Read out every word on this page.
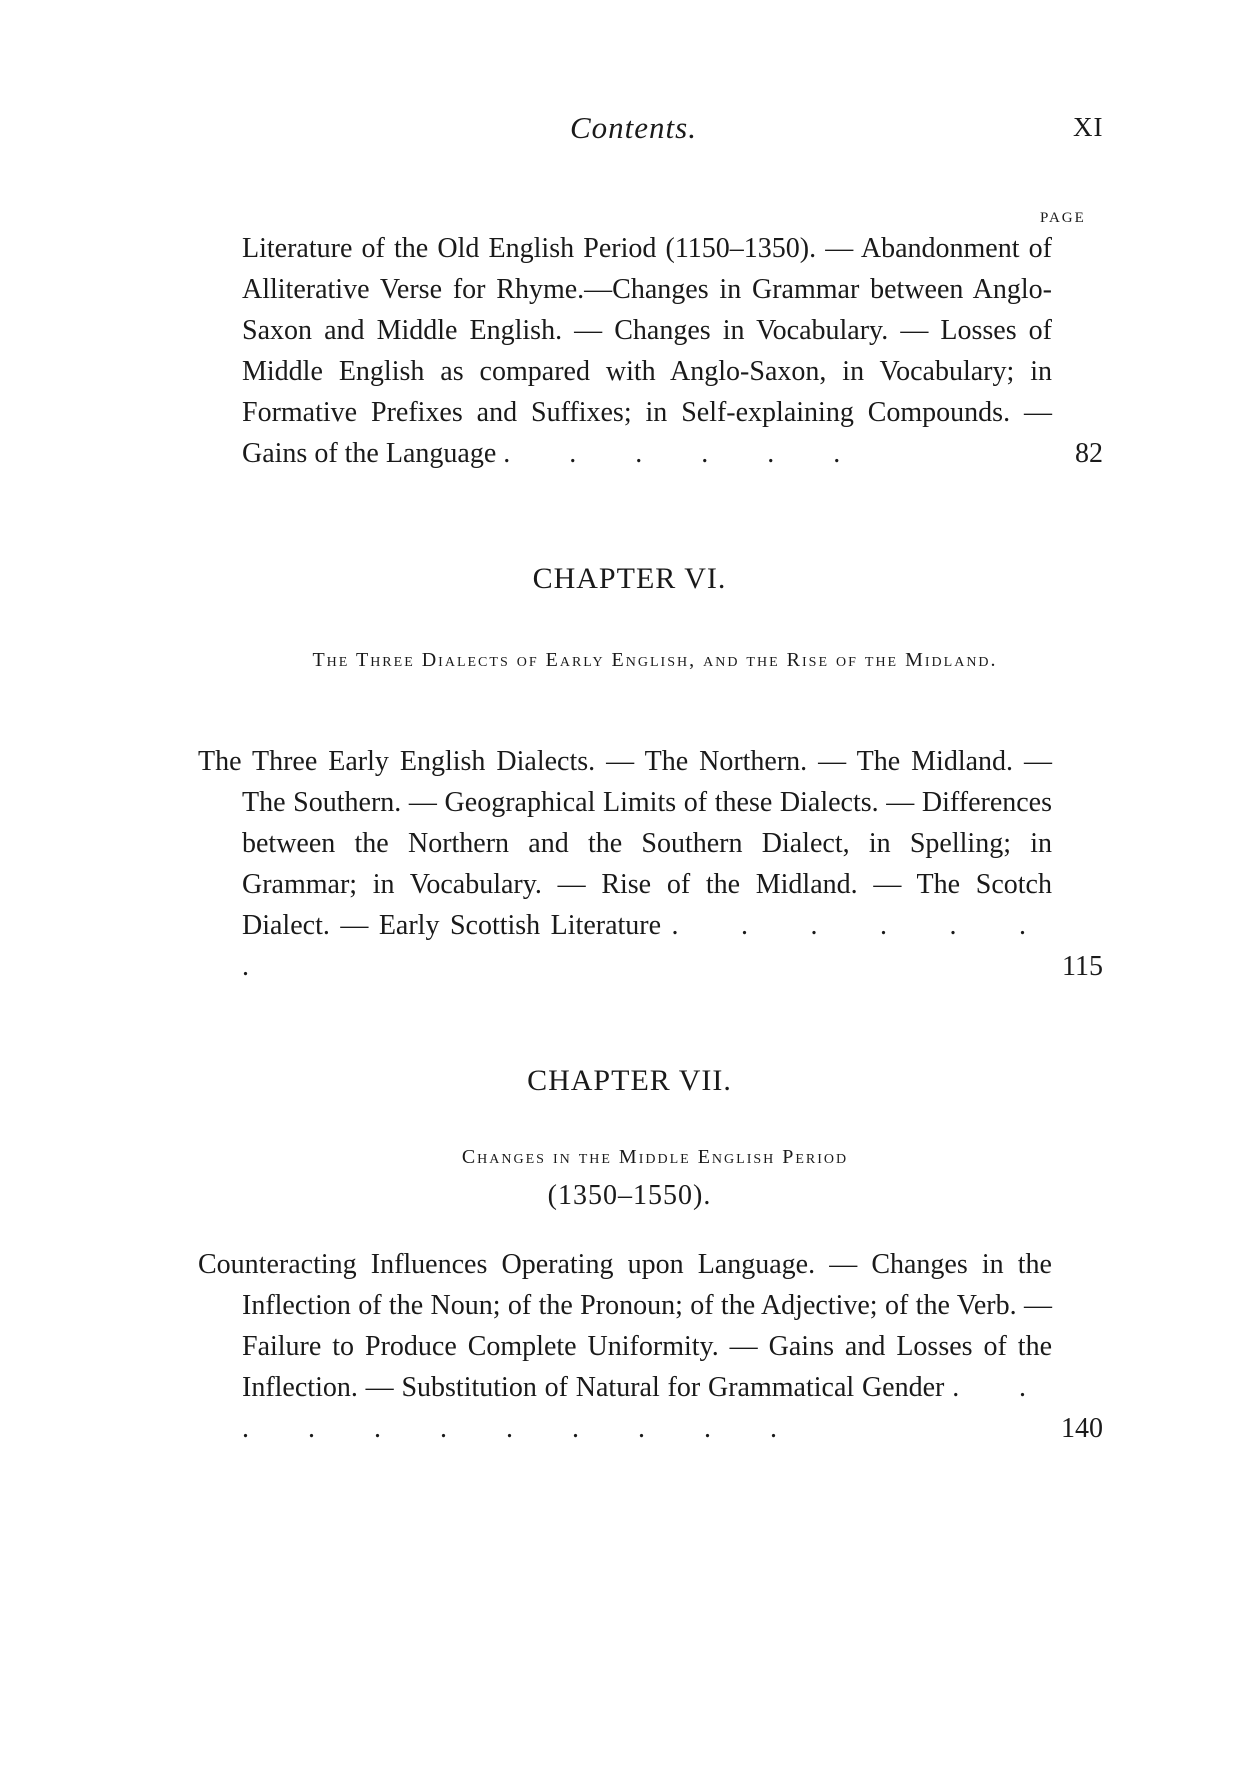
Contents.	XI
PAGE
Literature of the Old English Period (1150–1350). — Abandonment of Alliterative Verse for Rhyme.—Changes in Grammar between Anglo-Saxon and Middle English. — Changes in Vocabulary. — Losses of Middle English as compared with Anglo-Saxon, in Vocabulary; in Formative Prefixes and Suffixes; in Self-explaining Compounds. — Gains of the Language . . . . . .	82
CHAPTER VI.
The Three Dialects of Early English, and the Rise of the Midland.
The Three Early English Dialects. — The Northern. — The Midland. — The Southern. — Geographical Limits of these Dialects. — Differences between the Northern and the Southern Dialect, in Spelling; in Grammar; in Vocabulary. — Rise of the Midland. — The Scotch Dialect. — Early Scottish Literature . . . . . . .	115
CHAPTER VII.
Changes in the Middle English Period
(1350–1550).
Counteracting Influences Operating upon Language. — Changes in the Inflection of the Noun; of the Pronoun; of the Adjective; of the Verb. — Failure to Produce Complete Uniformity. — Gains and Losses of the Inflection. — Substitution of Natural for Grammatical Gender . . . . . . . . . . .	140
